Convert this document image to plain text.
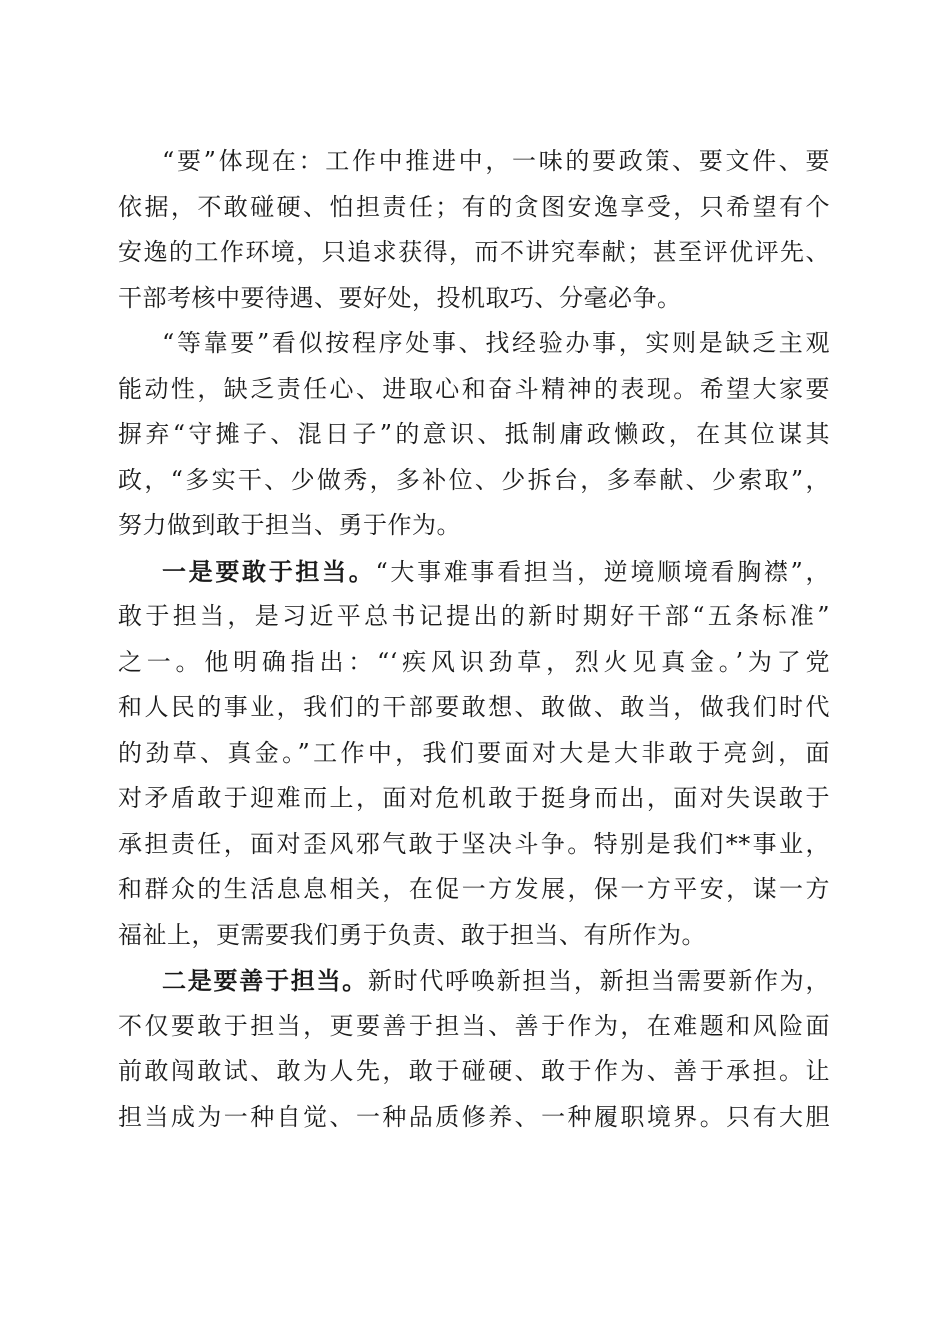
“要”体现在：工作中推进中，一味的要政策、要文件、要
依据，不敢碰硬、怕担责任；有的贪图安逸享受，只希望有个
安逸的工作环境，只追求获得，而不讲究奉献；甚至评优评先、
干部考核中要待遇、要好处，投机取巧、分毫必争。
“等靠要”看似按程序处事、找经验办事，实则是缺乏主观
能动性，缺乏责任心、进取心和奋斗精神的表现。希望大家要
摒弃“守摊子、混日子”的意识、抵制庸政懒政，在其位谋其
政，“多实干、少做秀，多补位、少拆台，多奉献、少索取”，
努力做到敢于担当、勇于作为。
一是要敢于担当。“大事难事看担当，逆境顺境看胸襟”，
敢于担当，是习近平总书记提出的新时期好干部“五条标准”
之一。他明确指出：“‘疾风识劲草，烈火见真金。’为了党
和人民的事业，我们的干部要敢想、敢做、敢当，做我们时代
的劲草、真金。”工作中，我们要面对大是大非敢于亮剑，面
对矛盾敢于迎难而上，面对危机敢于挺身而出，面对失误敢于
承担责任，面对歪风邪气敢于坚决斗争。特别是我们**事业，
和群众的生活息息相关，在促一方发展，保一方平安，谋一方
福祉上，更需要我们勇于负责、敢于担当、有所作为。
二是要善于担当。新时代呼唤新担当，新担当需要新作为，
不仅要敢于担当，更要善于担当、善于作为，在难题和风险面
前敢闯敢试、敢为人先，敢于碰硬、敢于作为、善于承担。让
担当成为一种自觉、一种品质修养、一种履职境界。只有大胆
